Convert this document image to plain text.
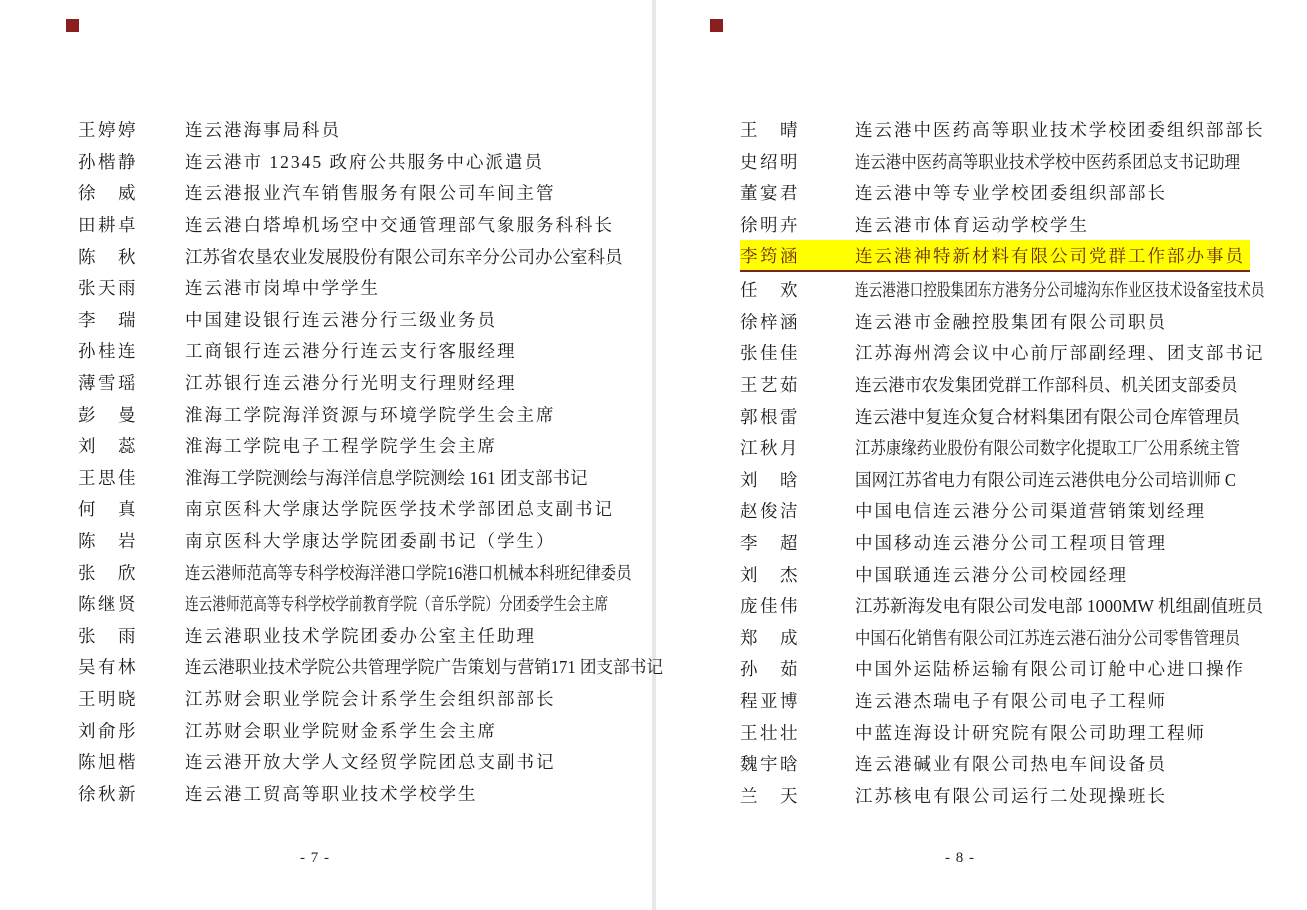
王婷婷	连云港海事局科员
孙楷静	连云港市 12345 政府公共服务中心派遣员
徐　威	连云港报业汽车销售服务有限公司车间主管
田耕卓	连云港白塔埠机场空中交通管理部气象服务科科长
陈　秋	江苏省农垦农业发展股份有限公司东辛分公司办公室科员
张天雨	连云港市岗埠中学学生
李　瑞	中国建设银行连云港分行三级业务员
孙桂连	工商银行连云港分行连云支行客服经理
薄雪瑶	江苏银行连云港分行光明支行理财经理
彭　曼	淮海工学院海洋资源与环境学院学生会主席
刘　蕊	淮海工学院电子工程学院学生会主席
王思佳	淮海工学院测绘与海洋信息学院测绘 161 团支部书记
何　真	南京医科大学康达学院医学技术学部团总支副书记
陈　岩	南京医科大学康达学院团委副书记（学生）
张　欣	连云港师范高等专科学校海洋港口学院16港口机械本科班纪律委员
陈继贤	连云港师范高等专科学校学前教育学院（音乐学院）分团委学生会主席
张　雨	连云港职业技术学院团委办公室主任助理
吴有林	连云港职业技术学院公共管理学院广告策划与营销171 团支部书记
王明晓	江苏财会职业学院会计系学生会组织部部长
刘俞彤	江苏财会职业学院财金系学生会主席
陈旭楷	连云港开放大学人文经贸学院团总支副书记
徐秋新	连云港工贸高等职业技术学校学生
- 7 -
王　晴	连云港中医药高等职业技术学校团委组织部部长
史绍明	连云港中医药高等职业技术学校中医药系团总支书记助理
董宴君	连云港中等专业学校团委组织部部长
徐明卉	连云港市体育运动学校学生
李筠涵	连云港神特新材料有限公司党群工作部办事员
任　欢	连云港港口控股集团东方港务分公司墟沟东作业区技术设备室技术员
徐梓涵	连云港市金融控股集团有限公司职员
张佳佳	江苏海州湾会议中心前厅部副经理、团支部书记
王艺茹	连云港市农发集团党群工作部科员、机关团支部委员
郭根雷	连云港中复连众复合材料集团有限公司仓库管理员
江秋月	江苏康缘药业股份有限公司数字化提取工厂公用系统主管
刘　晗	国网江苏省电力有限公司连云港供电分公司培训师 C
赵俊洁	中国电信连云港分公司渠道营销策划经理
李　超	中国移动连云港分公司工程项目管理
刘　杰	中国联通连云港分公司校园经理
庞佳伟	江苏新海发电有限公司发电部 1000MW 机组副值班员
郑　成	中国石化销售有限公司江苏连云港石油分公司零售管理员
孙　茹	中国外运陆桥运输有限公司订舱中心进口操作
程亚博	连云港杰瑞电子有限公司电子工程师
王壮壮	中蓝连海设计研究院有限公司助理工程师
魏宇晗	连云港碱业有限公司热电车间设备员
兰　天	江苏核电有限公司运行二处现操班长
- 8 -
